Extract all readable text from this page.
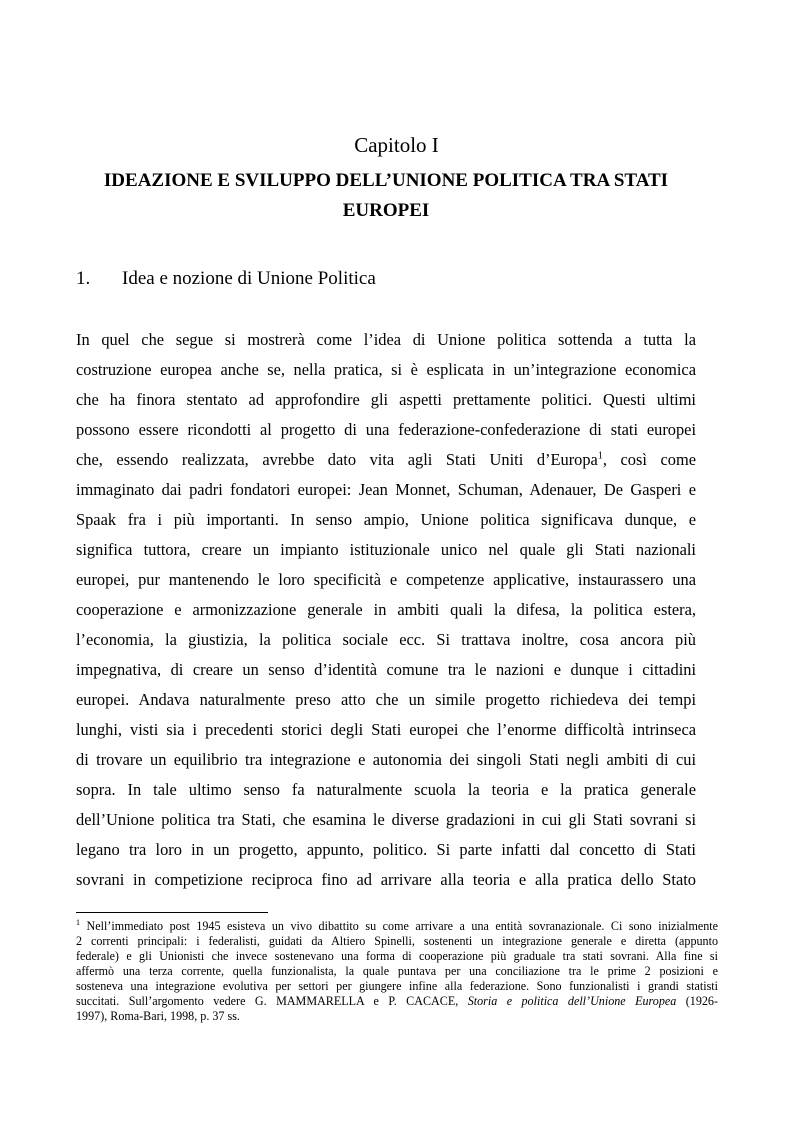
Capitolo I
IDEAZIONE E SVILUPPO DELL’UNIONE POLITICA TRA STATI
EUROPEI
1. Idea e nozione di Unione Politica
In quel che segue si mostrerà come l’idea di Unione politica sottenda a tutta la
costruzione europea anche se, nella pratica, si è esplicata in un’integrazione economica
che ha finora stentato ad approfondire gli aspetti prettamente politici. Questi ultimi
possono essere ricondotti al progetto di una federazione-confederazione di stati europei
che, essendo realizzata, avrebbe dato vita agli Stati Uniti d’Europa$^1$, così come
immaginato dai padri fondatori europei: Jean Monnet, Schuman, Adenauer, De Gasperi e
Spaak fra i più importanti. In senso ampio, Unione politica significava dunque, e
significa tuttora, creare un impianto istituzionale unico nel quale gli Stati nazionali
europei, pur mantenendo le loro specificità e competenze applicative, instaurassero una
cooperazione e armonizzazione generale in ambiti quali la difesa, la politica estera,
l’economia, la giustizia, la politica sociale ecc. Si trattava inoltre, cosa ancora più
impegnativa, di creare un senso d’identità comune tra le nazioni e dunque i cittadini
europei. Andava naturalmente preso atto che un simile progetto richiedeva dei tempi
lunghi, visti sia i precedenti storici degli Stati europei che l’enorme difficoltà intrinseca
di trovare un equilibrio tra integrazione e autonomia dei singoli Stati negli ambiti di cui
sopra. In tale ultimo senso fa naturalmente scuola la teoria e la pratica generale
dell’Unione politica tra Stati, che esamina le diverse gradazioni in cui gli Stati sovrani si
legano tra loro in un progetto, appunto, politico. Si parte infatti dal concetto di Stati
sovrani in competizione reciproca fino ad arrivare alla teoria e alla pratica dello Stato
$^1$ Nell’immediato post 1945 esisteva un vivo dibattito su come arrivare a una entità sovranazionale. Ci sono inizialmente
2 correnti principali: i federalisti, guidati da Altiero Spinelli, sostenenti un integrazione generale e diretta (appunto
federale) e gli Unionisti che invece sostenevano una forma di cooperazione più graduale tra stati sovrani. Alla fine si
affermò una terza corrente, quella funzionalista, la quale puntava per una conciliazione tra le prime 2 posizioni e
sosteneva una integrazione evolutiva per settori per giungere infine alla federazione. Sono funzionalisti i grandi statisti
succitati. Sull’argomento vedere G. MAMMARELLA e P. CACACE, Storia e politica dell’Unione Europea (1926-
1997), Roma-Bari, 1998, p. 37 ss.
